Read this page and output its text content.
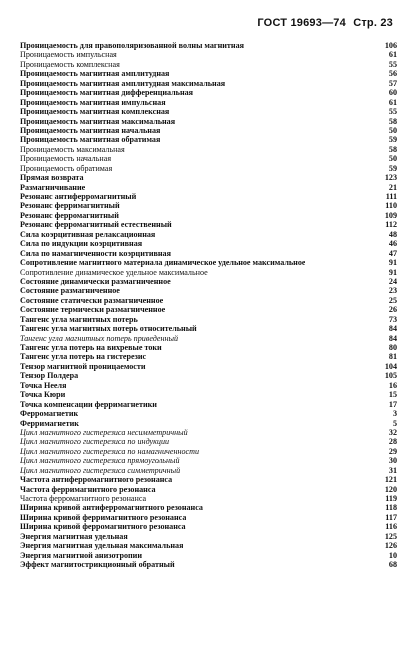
ГОСТ 19693—74 Стр. 23
Проницаемость для правополяризованной волны магнитная	106
Проницаемость импульсная	61
Проницаемость комплексная	55
Проницаемость магнитная амплитудная	56
Проницаемость магнитная амплитудная максимальная	57
Проницаемость магнитная дифференциальная	60
Проницаемость магнитная импульсная	61
Проницаемость магнитная комплексная	55
Проницаемость магнитная максимальная	58
Проницаемость магнитная начальная	50
Проницаемость магнитная обратимая	59
Проницаемость максимальная	58
Проницаемость начальная	50
Проницаемость обратимая	59
Прямая возврата	123
Размагничивание	21
Резонанс антиферромагнитный	111
Резонанс ферримагнитный	110
Резонанс ферромагнитный	109
Резонанс ферромагнитный естественный	112
Сила коэрцитивная релаксационная	48
Сила по индукции коэрцитивная	46
Сила по намагниченности коэрцитивная	47
Сопротивление магнитного материала динамическое удельное максимальное	91
Сопротивление динамическое удельное максимальное	91
Состояние динамически размагниченное	24
Состояние размагниченное	23
Состояние статически размагниченное	25
Состояние термически размагниченное	26
Тангенс угла магнитных потерь	73
Тангенс угла магнитных потерь относительный	84
Тангенс угла магнитных потерь приведенный	84
Тангенс угла потерь на вихревые токи	80
Тангенс угла потерь на гистерезис	81
Тензор магнитной проницаемости	104
Тензор Полдера	105
Точка Нееля	16
Точка Кюри	15
Точка компенсации ферримагнетики	17
Ферромагнетик	3
Ферримагнетик	5
Цикл магнитного гистерезиса несимметричный	32
Цикл магнитного гистерезиса по индукции	28
Цикл магнитного гистерезиса по намагниченности	29
Цикл магнитного гистерезиса прямоугольный	30
Цикл магнитного гистерезиса симметричный	31
Частота антиферромагнитного резонанса	121
Частота ферримагнитного резонанса	120
Частота ферромагнитного резонанса	119
Ширина кривой антиферромагнитного резонанса	118
Ширина кривой ферримагнитного резонанса	117
Ширина кривой ферромагнитного резонанса	116
Энергия магнитная удельная	125
Энергия магнитная удельная максимальная	126
Энергия магнитной анизотропии	10
Эффект магнитострикционный обратный	68
